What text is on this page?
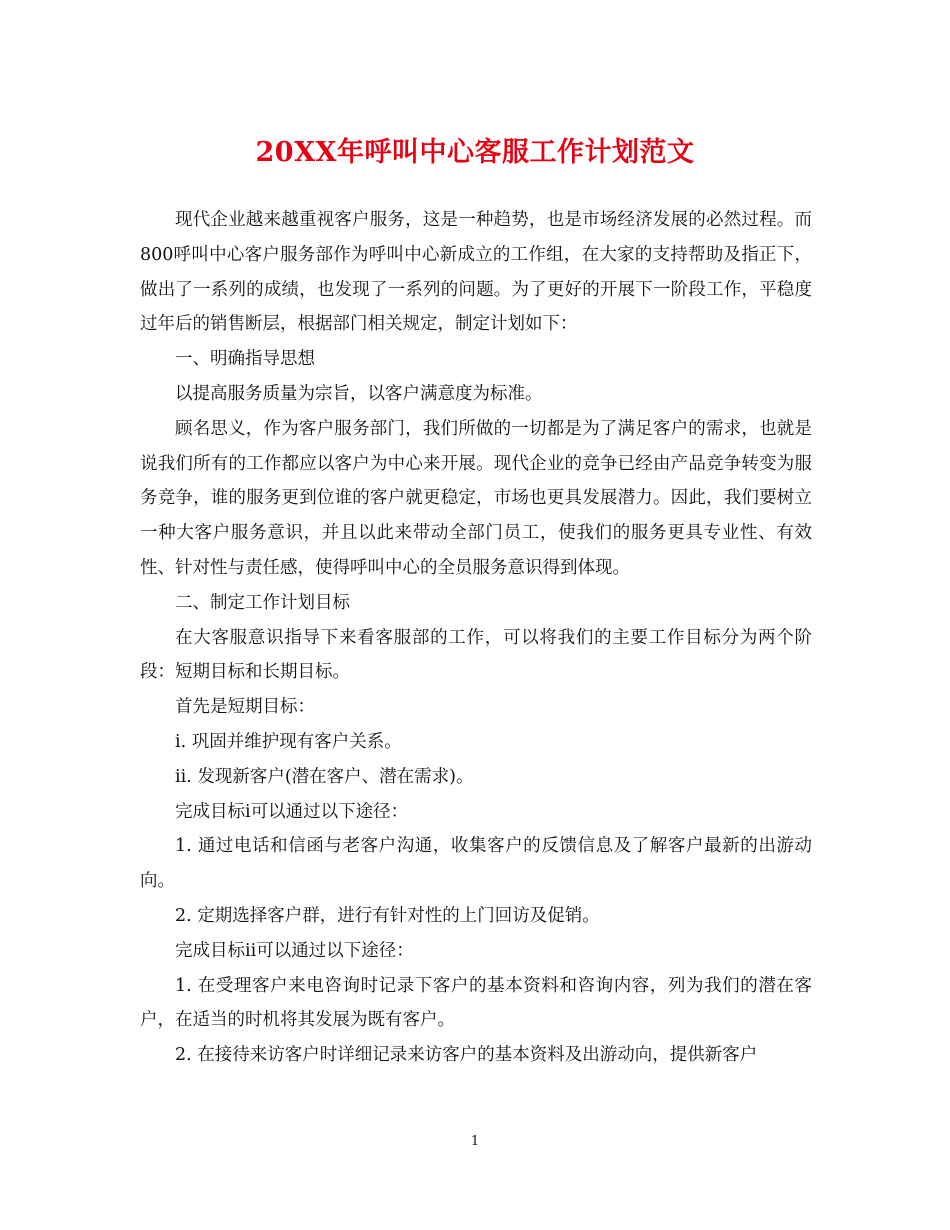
20XX年呼叫中心客服工作计划范文

现代企业越来越重视客户服务，这是一种趋势，也是市场经济发展的必然过程。而800呼叫中心客户服务部作为呼叫中心新成立的工作组，在大家的支持帮助及指正下，做出了一系列的成绩，也发现了一系列的问题。为了更好的开展下一阶段工作，平稳度过年后的销售断层，根据部门相关规定，制定计划如下：

一、明确指导思想

以提高服务质量为宗旨，以客户满意度为标准。

顾名思义，作为客户服务部门，我们所做的一切都是为了满足客户的需求，也就是说我们所有的工作都应以客户为中心来开展。现代企业的竞争已经由产品竞争转变为服务竞争，谁的服务更到位谁的客户就更稳定，市场也更具发展潜力。因此，我们要树立一种大客户服务意识，并且以此来带动全部门员工，使我们的服务更具专业性、有效性、针对性与责任感，使得呼叫中心的全员服务意识得到体现。

二、制定工作计划目标

在大客服意识指导下来看客服部的工作，可以将我们的主要工作目标分为两个阶段：短期目标和长期目标。

首先是短期目标：

i. 巩固并维护现有客户关系。

ii. 发现新客户(潜在客户、潜在需求)。

完成目标i可以通过以下途径：

1. 通过电话和信函与老客户沟通，收集客户的反馈信息及了解客户最新的出游动向。

2. 定期选择客户群，进行有针对性的上门回访及促销。

完成目标ii可以通过以下途径：

1. 在受理客户来电咨询时记录下客户的基本资料和咨询内容，列为我们的潜在客户，在适当的时机将其发展为既有客户。

2. 在接待来访客户时详细记录来访客户的基本资料及出游动向，提供新客户

1
